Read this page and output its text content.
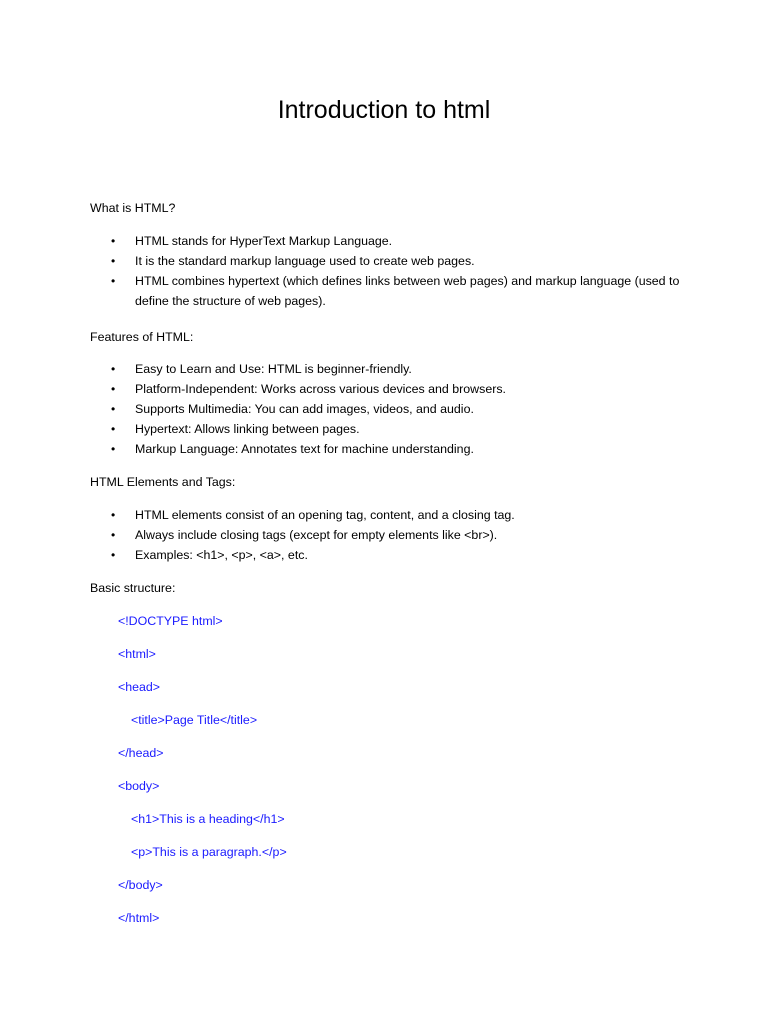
Introduction to html

What is HTML?

• HTML stands for HyperText Markup Language.
• It is the standard markup language used to create web pages.
• HTML combines hypertext (which defines links between web pages) and markup language (used to define the structure of web pages).

Features of HTML:

• Easy to Learn and Use: HTML is beginner-friendly.
• Platform-Independent: Works across various devices and browsers.
• Supports Multimedia: You can add images, videos, and audio.
• Hypertext: Allows linking between pages.
• Markup Language: Annotates text for machine understanding.

HTML Elements and Tags:

• HTML elements consist of an opening tag, content, and a closing tag.
• Always include closing tags (except for empty elements like <br>).
• Examples: <h1>, <p>, <a>, etc.

Basic structure:

<!DOCTYPE html>

<html>

<head>

<title>Page Title</title>

</head>

<body>

<h1>This is a heading</h1>

<p>This is a paragraph.</p>

</body>

</html>
